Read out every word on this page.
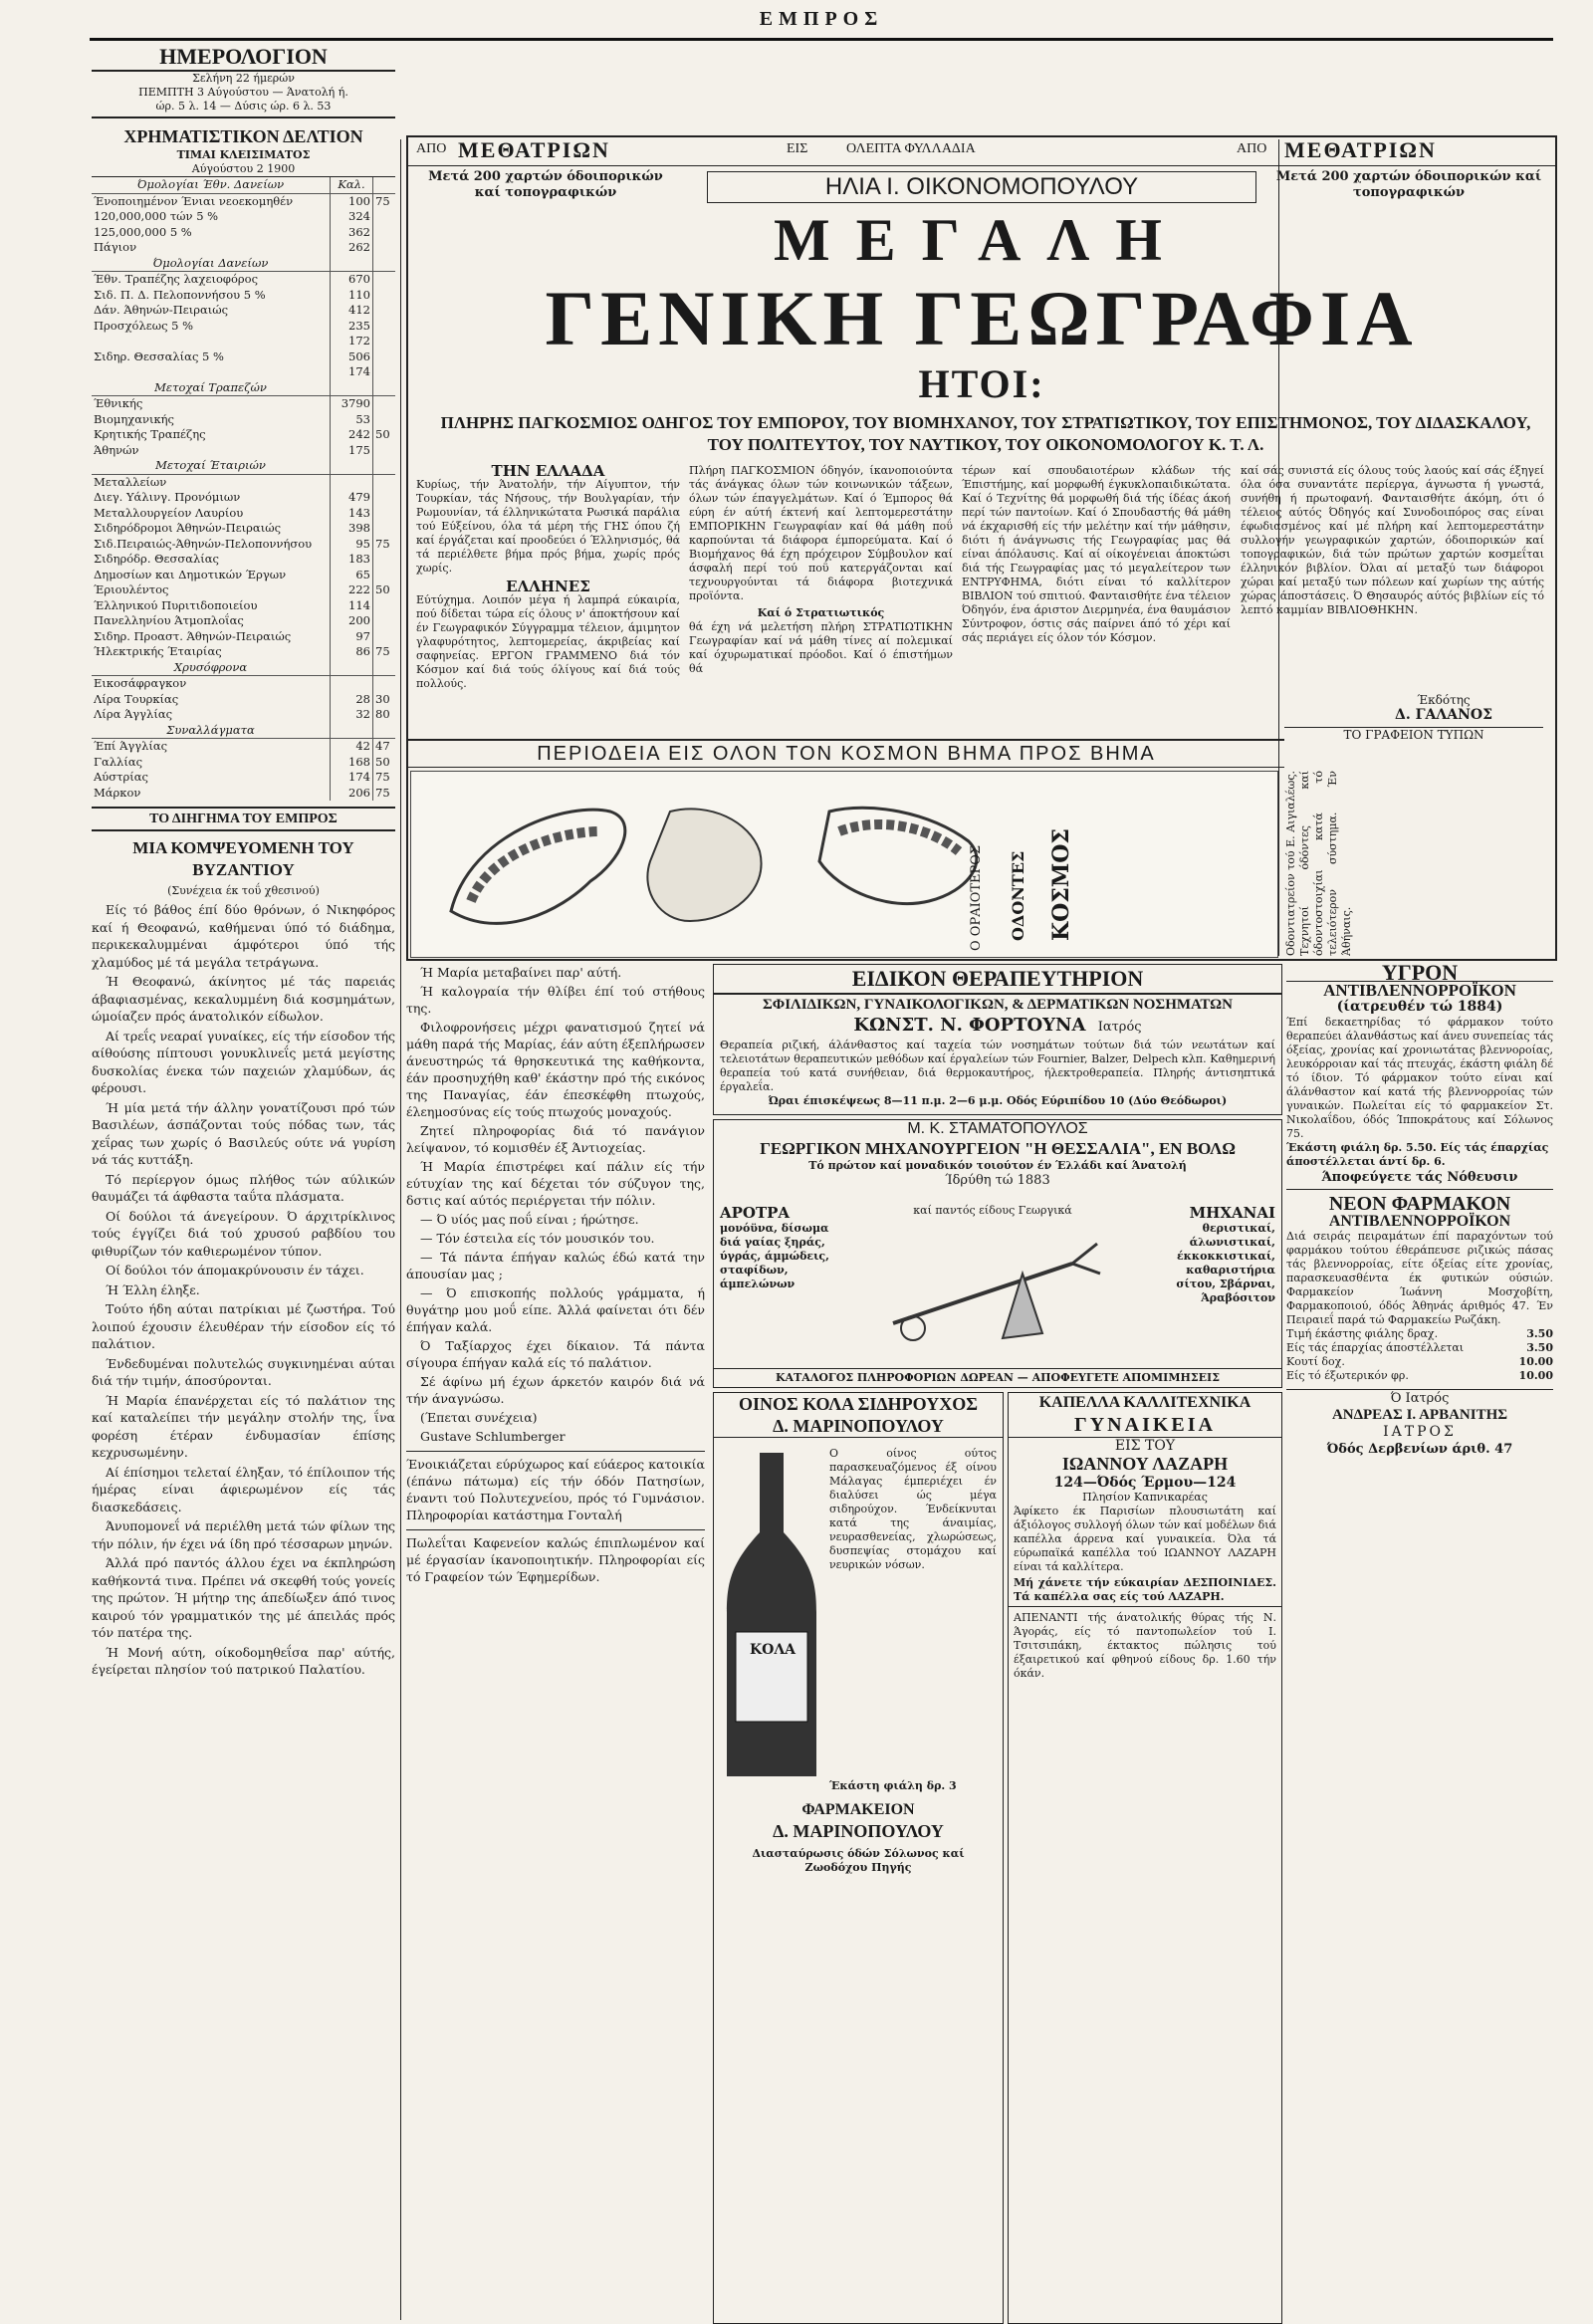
ΕΜΠΡΟΣ
ΗΜΕΡΟΛΟΓΙΟΝ
Σελήνη 22 ήμερών
ΠΕΜΠΤΗ 3 Αύγούστου — Άνατολή ή.
ώρ. 5 λ. 14 — Δύσις ώρ. 6 λ. 53
ΧΡΗΜΑΤΙΣΤΙΚΟΝ ΔΕΛΤΙΟΝ
ΤΙΜΑΙ ΚΛΕΙΣΙΜΑΤΟΣ
Αύγούστου 2 1900
Όμολογίαι Έθν. Δανείων	Καλ.	
Ένοποιημένον Ένιαι νεοεκομηθέν	100	75
120,000,000 τών 5 %	324	
125,000,000 5 %	362	
Πάγιον	262	
Όμολογίαι Δανείων		
Έθν. Τραπέζης λαχειοφόρος	670	
Σιδ. Π. Δ. Πελοποννήσου 5 %	110	
Δάν. Άθηνών-Πειραιώς	412	
Προσχόλεως 5 %	235	
	172	
Σιδηρ. Θεσσαλίας 5 %	506	
	174	
Μετοχαί Τραπεζών		
Έθνικής	3790	
Βιομηχανικής	53	
Κρητικής Τραπέζης	242	50
Άθηνών	175	
Μετοχαί Έταιριών		
Μεταλλείων		
Διεγ. Υάλινγ. Προνόμιων	479	
Μεταλλουργείον Λαυρίου	143	
Σιδηρόδρομοι Άθηνών-Πειραιώς	398	
Σιδ.Πειραιώς-Άθηνών-Πελοποννήσου	95	75
Σιδηρόδρ. Θεσσαλίας	183	
Δημοσίων και Δημοτικών Έργων	65	
Έριουλέντος	222	50
Έλληνικού Πυριτιδοποιείου	114	
Πανελληνίου Άτμοπλοΐας	200	
Σιδηρ. Προαστ. Άθηνών-Πειραιώς	97	
Ήλεκτρικής Έταιρίας	86	75
Χρυσόφρονα		
Εικοσάφραγκον		
Λίρα Τουρκίας	28	30
Λίρα Άγγλίας	32	80
Συναλλάγματα		
Έπί Άγγλίας	42	47
Γαλλίας	168	50
Αύστρίας	174	75
Μάρκον	206	75
ΤΟ ΔΙΗΓΗΜΑ ΤΟΥ ΕΜΠΡΟΣ
ΜΙΑ ΚΟΜΨΕΥΟΜΕΝΗ ΤΟΥ ΒΥΖΑΝΤΙΟΥ
(Συνέχεια έκ τοΰ χθεσινού)

Είς τό βάθος έπί δύο θρόνων, ό Νικηφόρος καί ή Θεοφανώ, καθήμεναι ύπό τό διάδημα, περικεκαλυμμέναι άμφότεροι ύπό τής χλαμύδος μέ τά μεγάλα τετράγωνα.

Ή Θεοφανώ, άκίνητος μέ τάς παρειάς άβαφιασμένας, κεκαλυμμένη διά κοσμημάτων, ώμοίαζεν πρός άνατολικόν είδωλον.

Αί τρεΐς νεαραί γυναίκες, είς τήν είσοδον τής αίθούσης πίπτουσι γονυκλινεΐς μετά μεγίστης δυσκολίας ένεκα τών παχειών χλαμύδων, άς φέρουσι.

Ή μία μετά τήν άλλην γονατίζουσι πρό τών Βασιλέων, άσπάζονται τούς πόδας των, τάς χεΐρας των χωρίς ό Βασιλεύς ούτε νά γυρίση νά τάς κυττάξη.

Τό περίεργον όμως πλήθος τών αύλικών θαυμάζει τά άφθαστα ταΰτα πλάσματα.

Οί δούλοι τά άνεγείρουν. Ό άρχιτρίκλινος τούς έγγίζει διά τού χρυσού ραβδίου του φιθυρίζων τόν καθιερωμένον τύπον.

Οί δούλοι τόν άπομακρύνουσιν έν τάχει.

Ή Έλλη έληξε.

Τούτο ήδη αύται πατρίκιαι μέ ζωστήρα. Τού λοιπού έχουσιν έλευθέραν τήν είσοδον είς τό παλάτιον.

Ένδεδυμέναι πολυτελώς συγκινημέναι αύται διά τήν τιμήν, άποσύρονται.

Ή Μαρία έπανέρχεται είς τό παλάτιον της καί καταλείπει τήν μεγάλην στολήν της, ΐνα φορέση έτέραν ένδυμασίαν έπίσης κεχρυσωμένην.

Αί έπίσημοι τελεταί έληξαν, τό έπίλοιπον τής ήμέρας είναι άφιερωμένον είς τάς διασκεδάσεις.

Άνυπομονεΐ νά περιέλθη μετά τών φίλων της τήν πόλιν, ήν έχει νά ίδη πρό τέσσαρων μηνών.

Άλλά πρό παντός άλλου έχει να έκπληρώση καθήκοντά τινα. Πρέπει νά σκεφθή τούς γονείς της πρώτον. Ή μήτηρ της άπεδίωξεν άπό τινος καιρού τόν γραμματικόν της μέ άπειλάς πρός τόν πατέρα της.

Ή Μονή αύτη, οίκοδομηθεΐσα παρ' αύτής, έγείρεται πλησίον τού πατρικού Παλατίου.

ΑΠΟ ΜΕΘΑΤΡΙΩΝ	ΕΙΣ	ΟΛΕΠΤΑ ΦΥΛΛΑΔΙΑ	ΑΠΟ ΜΕΘΑΤΡΙΩΝ
Μετά 200 χαρτών όδοιπορικών καί τοπογραφικών
Μετά 200 χαρτών όδοιπορικών καί τοπογραφικών
ΗΛΙΑ Ι. ΟΙΚΟΝΟΜΟΠΟΥΛΟΥ
ΜΕΓΑΛΗ
ΓΕΝΙΚΗ ΓΕΩΓΡΑΦΙΑ
ΗΤΟΙ:
ΠΛΗΡΗΣ ΠΑΓΚΟΣΜΙΟΣ ΟΔΗΓΟΣ ΤΟΥ ΕΜΠΟΡΟΥ, ΤΟΥ ΒΙΟΜΗΧΑΝΟΥ, ΤΟΥ ΣΤΡΑΤΙΩΤΙΚΟΥ, ΤΟΥ ΕΠΙΣΤΗΜΟΝΟΣ, ΤΟΥ ΔΙΔΑΣΚΑΛΟΥ, ΤΟΥ ΠΟΛΙΤΕΥΤΟΥ, ΤΟΥ ΝΑΥΤΙΚΟΥ, ΤΟΥ ΟΙΚΟΝΟΜΟΛΟΓΟΥ Κ. Τ. Λ.
ΤΗΝ ΕΛΛΑΔΑ
Κυρίως, τήν Άνατολήν, τήν Αίγυπτον, τήν Τουρκίαν, τάς Νήσους, τήν Βουλγαρίαν, τήν Ρωμουνίαν, τά έλληνικώτατα Ρωσικά παράλια τού Εύξείνου, όλα τά μέρη τής ΓΗΣ όπου ζή καί έργάζεται καί προοδεύει ό Έλληνισμός, θά τά περιέλθετε βήμα πρός βήμα, χωρίς πρός χωρίς.
ΕΛΛΗΝΕΣ
Εύτύχημα. Λοιπόν μέγα ή λαμπρά εύκαιρία, πού δίδεται τώρα είς όλους ν' άποκτήσουν καί έν Γεωγραφικόν Σύγγραμμα τέλειον, άμιμητον γλαφυρότητος, λεπτομερείας, άκριβείας καί σαφηνείας. ΕΡΓΟΝ ΓΡΑΜΜΕΝΟ διά τόν Κόσμον καί διά τούς όλίγους καί διά τούς πολλούς.
Πλήρη ΠΑΓΚΟΣΜΙΟΝ όδηγόν, ίκανοποιούντα τάς άνάγκας όλων τών κοινωνικών τάξεων, όλων τών έπαγγελμάτων. Καί ό Έμπορος θά εύρη έν αύτή έκτενή καί λεπτομερεστάτην ΕΜΠΟΡΙΚΗΝ Γεωγραφίαν καί θά μάθη ποΰ καρπούνται τά διάφορα έμπορεύματα. Καί ό Βιομήχανος θά έχη πρόχειρον Σύμβουλον καί άσφαλή περί τού ποΰ κατεργάζονται καί τεχνουργούνται τά διάφορα βιοτεχνικά προϊόντα.
Καί ό Στρατιωτικός
θά έχη νά μελετήση πλήρη ΣΤΡΑΤΙΩΤΙΚΗΝ Γεωγραφίαν καί νά μάθη τίνες αί πολεμικαί καί όχυρωματικαί πρόοδοι. Καί ό έπιστήμων θά
τέρων καί σπουδαιοτέρων κλάδων τής Έπιστήμης, καί μορφωθή έγκυκλοπαιδικώτατα. Καί ό Τεχνίτης θά μορφωθή διά τής ίδέας άκοή περί τών παντοίων. Καί ό Σπουδαστής θά μάθη νά έκχαρισθή είς τήν μελέτην καί τήν μάθησιν, διότι ή άνάγνωσις τής Γεωγραφίας μας θά είναι άπόλαυσις. Καί αί οίκογένειαι άποκτώσι διά τής Γεωγραφίας μας τό μεγαλείτερον των ΕΝΤΡΥΦΗΜΑ, διότι είναι τό καλλίτερον ΒΙΒΛΙΟΝ τού σπιτιού. Φανταισθήτε ένα τέλειον Όδηγόν, ένα άριστον Διερμηνέα, ένα θαυμάσιον Σύντροφον, όστις σάς παίρνει άπό τό χέρι καί σάς περιάγει είς όλον τόν Κόσμον.
καί σάς συνιστά είς όλους τούς λαούς καί σάς έξηγεί όλα όσα συναντάτε περίεργα, άγνωστα ή γνωστά, συνήθη ή πρωτοφανή. Φανταισθήτε άκόμη, ότι ό τέλειος αύτός Όδηγός καί Συνοδοιπόρος σας είναι έφωδιασμένος καί μέ πλήρη καί λεπτομερεστάτην συλλογήν γεωγραφικών χαρτών, όδοιπορικών καί τοπογραφικών, διά τών πρώτων χαρτών κοσμεΐται έλληνικόν βιβλίον. Όλαι αί μεταξύ των διάφοροι χώραι καί μεταξύ των πόλεων καί χωρίων της αύτής χώρας άποστάσεις. Ό Θησαυρός αύτός βιβλίων είς τό λεπτό καμμίαν ΒΙΒΛΙΟΘΗΚΗΝ.
Έκδότης
Δ. ΓΑΛΑΝΟΣ
ΤΟ ΓΡΑΦΕΙΟΝ ΤΥΠΩΝ
ΠΕΡΙΟΔΕΙΑ ΕΙΣ ΟΛΟΝ ΤΟΝ ΚΟΣΜΟΝ ΒΗΜΑ ΠΡΟΣ ΒΗΜΑ
ΟΔΟΝΤΕΣ ΚΟΣΜΟΣ
Ο ΟΡΑΙΟΤΕΡΟΣ	Οδοντιατρείον τού Ε. Αιγιαλέως. Τεχνητοί όδόντες καί όδοντοστοιχίαι κατά τό τελειότερον σύστημα. Έν Άθήναις.

Ή Μαρία μεταβαίνει παρ' αύτή.

Ή καλογραία τήν θλίβει έπί τού στήθους της.

Φιλοφρονήσεις μέχρι φανατισμού ζητεί νά μάθη παρά τής Μαρίας, έάν αύτη έξεπλήρωσεν άνευστηρώς τά θρησκευτικά της καθήκοντα, έάν προσηυχήθη καθ' έκάστην πρό τής εικόνος της Παναγίας, έάν έπεσκέφθη πτωχούς, έλεημοσύνας είς τούς πτωχούς μοναχούς.

Ζητεί πληροφορίας διά τό πανάγιον λείψανον, τό κομισθέν έξ Άντιοχείας.

Ή Μαρία έπιστρέφει καί πάλιν είς τήν εύτυχίαν της καί δέχεται τόν σύζυγον της, δστις καί αύτός περιέργεται τήν πόλιν.

— Ό υίός μας ποΰ είναι ; ήρώτησε.

— Τόν έστειλα είς τόν μουσικόν του.

— Τά πάντα έπήγαν καλώς έδώ κατά την άπουσίαν μας ;

— Ό επισκοπής πολλούς γράμματα, ή θυγάτηρ μου μοΰ είπε. Άλλά φαίνεται ότι δέν έπήγαν καλά.

Ό Ταξίαρχος έχει δίκαιον. Τά πάντα σίγουρα έπήγαν καλά είς τό παλάτιον.

Σέ άφίνω μή έχων άρκετόν καιρόν διά νά τήν άναγνώσω.

(Έπεται συνέχεια)

Gustave Schlumberger

Ένοικιάζεται εύρύχωρος καί εύάερος κατοικία (έπάνω πάτωμα) είς τήν όδόν Πατησίων, έναντι τού Πολυτεχνείου, πρός τό Γυμνάσιον. Πληροφορίαι κατάστημα Γονταλή
Πωλεΐται Καφενείον καλώς έπιπλωμένον καί μέ έργασίαν ίκανοποιητικήν. Πληροφορίαι είς τό Γραφείον τών Έφημερίδων.
ΕΙΔΙΚΟΝ ΘΕΡΑΠΕΥΤΗΡΙΟΝ
ΣΦΙΛΙΔΙΚΩΝ, ΓΥΝΑΙΚΟΛΟΓΙΚΩΝ, & ΔΕΡΜΑΤΙΚΩΝ ΝΟΣΗΜΑΤΩΝ
ΚΩΝΣΤ. Ν. ΦΟΡΤΟΥΝΑ Ιατρός
Θεραπεία ριζική, άλάνθαστος καί ταχεία τών νοσημάτων τούτων διά τών νεωτάτων καί τελειοτάτων θεραπευτικών μεθόδων καί έργαλείων τών Fournier, Balzer, Delpech κλπ. Καθημερινή θεραπεία τού κατά συνήθειαν, διά θερμοκαυτήρος, ήλεκτροθεραπεία. Πληρής άντισηπτικά έργαλεΐα.
Ώραι έπισκέψεως 8—11 π.μ. 2—6 μ.μ. Οδός Εύριπίδου 10 (Δύο Θεόδωροι)
Μ. Κ. ΣΤΑΜΑΤΟΠΟΥΛΟΣ
ΓΕΩΡΓΙΚΟΝ ΜΗΧΑΝΟΥΡΓΕΙΟΝ "Η ΘΕΣΣΑΛΙΑ", ΕΝ ΒΟΛΩ
Τό πρώτον καί μοναδικόν τοιούτον έν Έλλάδι καί Άνατολή
Ίδρύθη τώ 1883
ΑΡΟΤΡΑ
μονόϋνα, δίσωμα διά γαίας ξηράς, ύγράς, άμμώδεις, σταφίδων, άμπελώνων
καί παντός είδους Γεωργικά	ΜΗΧΑΝΑΙ
θεριστικαί, άλωνιστικαί, έκκοκκιστικαί, καθαριστήρια σίτου, Σβάρναι, Άραβόσιτον
ΚΑΤΑΛΟΓΟΣ ΠΛΗΡΟΦΟΡΙΩΝ ΔΩΡΕΑΝ — ΑΠΟΦΕΥΓΕΤΕ ΑΠΟΜΙΜΗΣΕΙΣ
ΟΙΝΟΣ ΚΟΛΑ ΣΙΔΗΡΟΥΧΟΣ
Δ. ΜΑΡΙΝΟΠΟΥΛΟΥ
ΚΟΛΑ
Ο οίνος ούτος παρασκευαζόμενος έξ οίνου Μάλαγας έμπεριέχει έν διαλύσει ώς μέγα σιδηρούχον. Ένδείκνυται κατά της άναιμίας, νευρασθενείας, χλωρώσεως, δυσπεψίας στομάχου καί νευρικών νόσων.
Έκάστη φιάλη δρ. 3
ΦΑΡΜΑΚΕΙΟΝ
Δ. ΜΑΡΙΝΟΠΟΥΛΟΥ
Διασταύρωσις όδών Σόλωνος καί Ζωοδόχου Πηγής
ΚΑΠΕΛΛΑ ΚΑΛΛΙΤΕΧΝΙΚΑ
ΓΥΝΑΙΚΕΙΑ
ΕΙΣ ΤΟΥ
ΙΩΑΝΝΟΥ ΛΑΖΑΡΗ
124—Όδός Έρμου—124
Πλησίον Καπνικαρέας
Άφίκετο έκ Παρισίων πλουσιωτάτη καί άξιόλογος συλλογή όλων τών καί μοδέλων διά καπέλλα άρρενα καί γυναικεία. Όλα τά εύρωπαϊκά καπέλλα τού ΙΩΑΝΝΟΥ ΛΑΖΑΡΗ είναι τά καλλίτερα.
Μή χάνετε τήν εύκαιρίαν ΔΕΣΠΟΙΝΙΔΕΣ. Τά καπέλλα σας είς τού ΛΑΖΑΡΗ.
ΑΠΕΝΑΝΤΙ τής άνατολικής θύρας τής Ν. Άγοράς, είς τό παντοπωλείον τού Ι. Τσιτσιπάκη, έκτακτος πώλησις τού έξαιρετικού καί φθηνού είδους δρ. 1.60 τήν όκάν.
ΥΓΡΟΝ
ΑΝΤΙΒΛΕΝΝΟΡΡΟΪΚΟΝ
(ίατρευθέν τώ 1884)
Έπί δεκαετηρίδας τό φάρμακον τούτο θεραπεύει άλανθάστως καί άνευ συνεπείας τάς όξείας, χρονίας καί χρονιωτάτας βλεννοροίας, λευκόρροιαν καί τάς πτευχάς, έκάστη φιάλη δέ τό ίδιον. Τό φάρμακον τούτο είναι καί άλάνθαστον καί κατά τής βλεννορροίας τών γυναικών. Πωλείται είς τό φαρμακείον Στ. Νικολαΐδου, όδός Ίπποκράτους καί Σόλωνος 75.
Έκάστη φιάλη δρ. 5.50. Είς τάς έπαρχίας άποστέλλεται άντί δρ. 6.
Άποφεύγετε τάς Νόθευσιν
ΝΕΟΝ ΦΑΡΜΑΚΟΝ
ΑΝΤΙΒΛΕΝΝΟΡΡΟΪΚΟΝ
Διά σειράς πειραμάτων έπί παραχόντων τού φαρμάκου τούτου έθεράπευσε ριζικώς πάσας τάς βλεννορροίας, είτε όξείας είτε χρονίας, παρασκευασθέντα έκ φυτικών ούσιών. Φαρμακείον Ίωάννη Μοσχοβίτη, Φαρμακοποιού, όδός Άθηνάς άριθμός 47. Έν Πειραιεΐ παρά τώ Φαρμακείω Ρωζάκη.
Τιμή έκάστης φιάλης δραχ.	3.50
Είς τάς έπαρχίας άποστέλλεται	3.50
Κουτί δοχ.	10.00
Είς τό έξωτερικόν φρ.	10.00
Ό Ιατρός
ΑΝΔΡΕΑΣ Ι. ΑΡΒΑΝΙΤΗΣ
ΙΑΤΡΟΣ
Όδός Δερβενίων άριθ. 47
